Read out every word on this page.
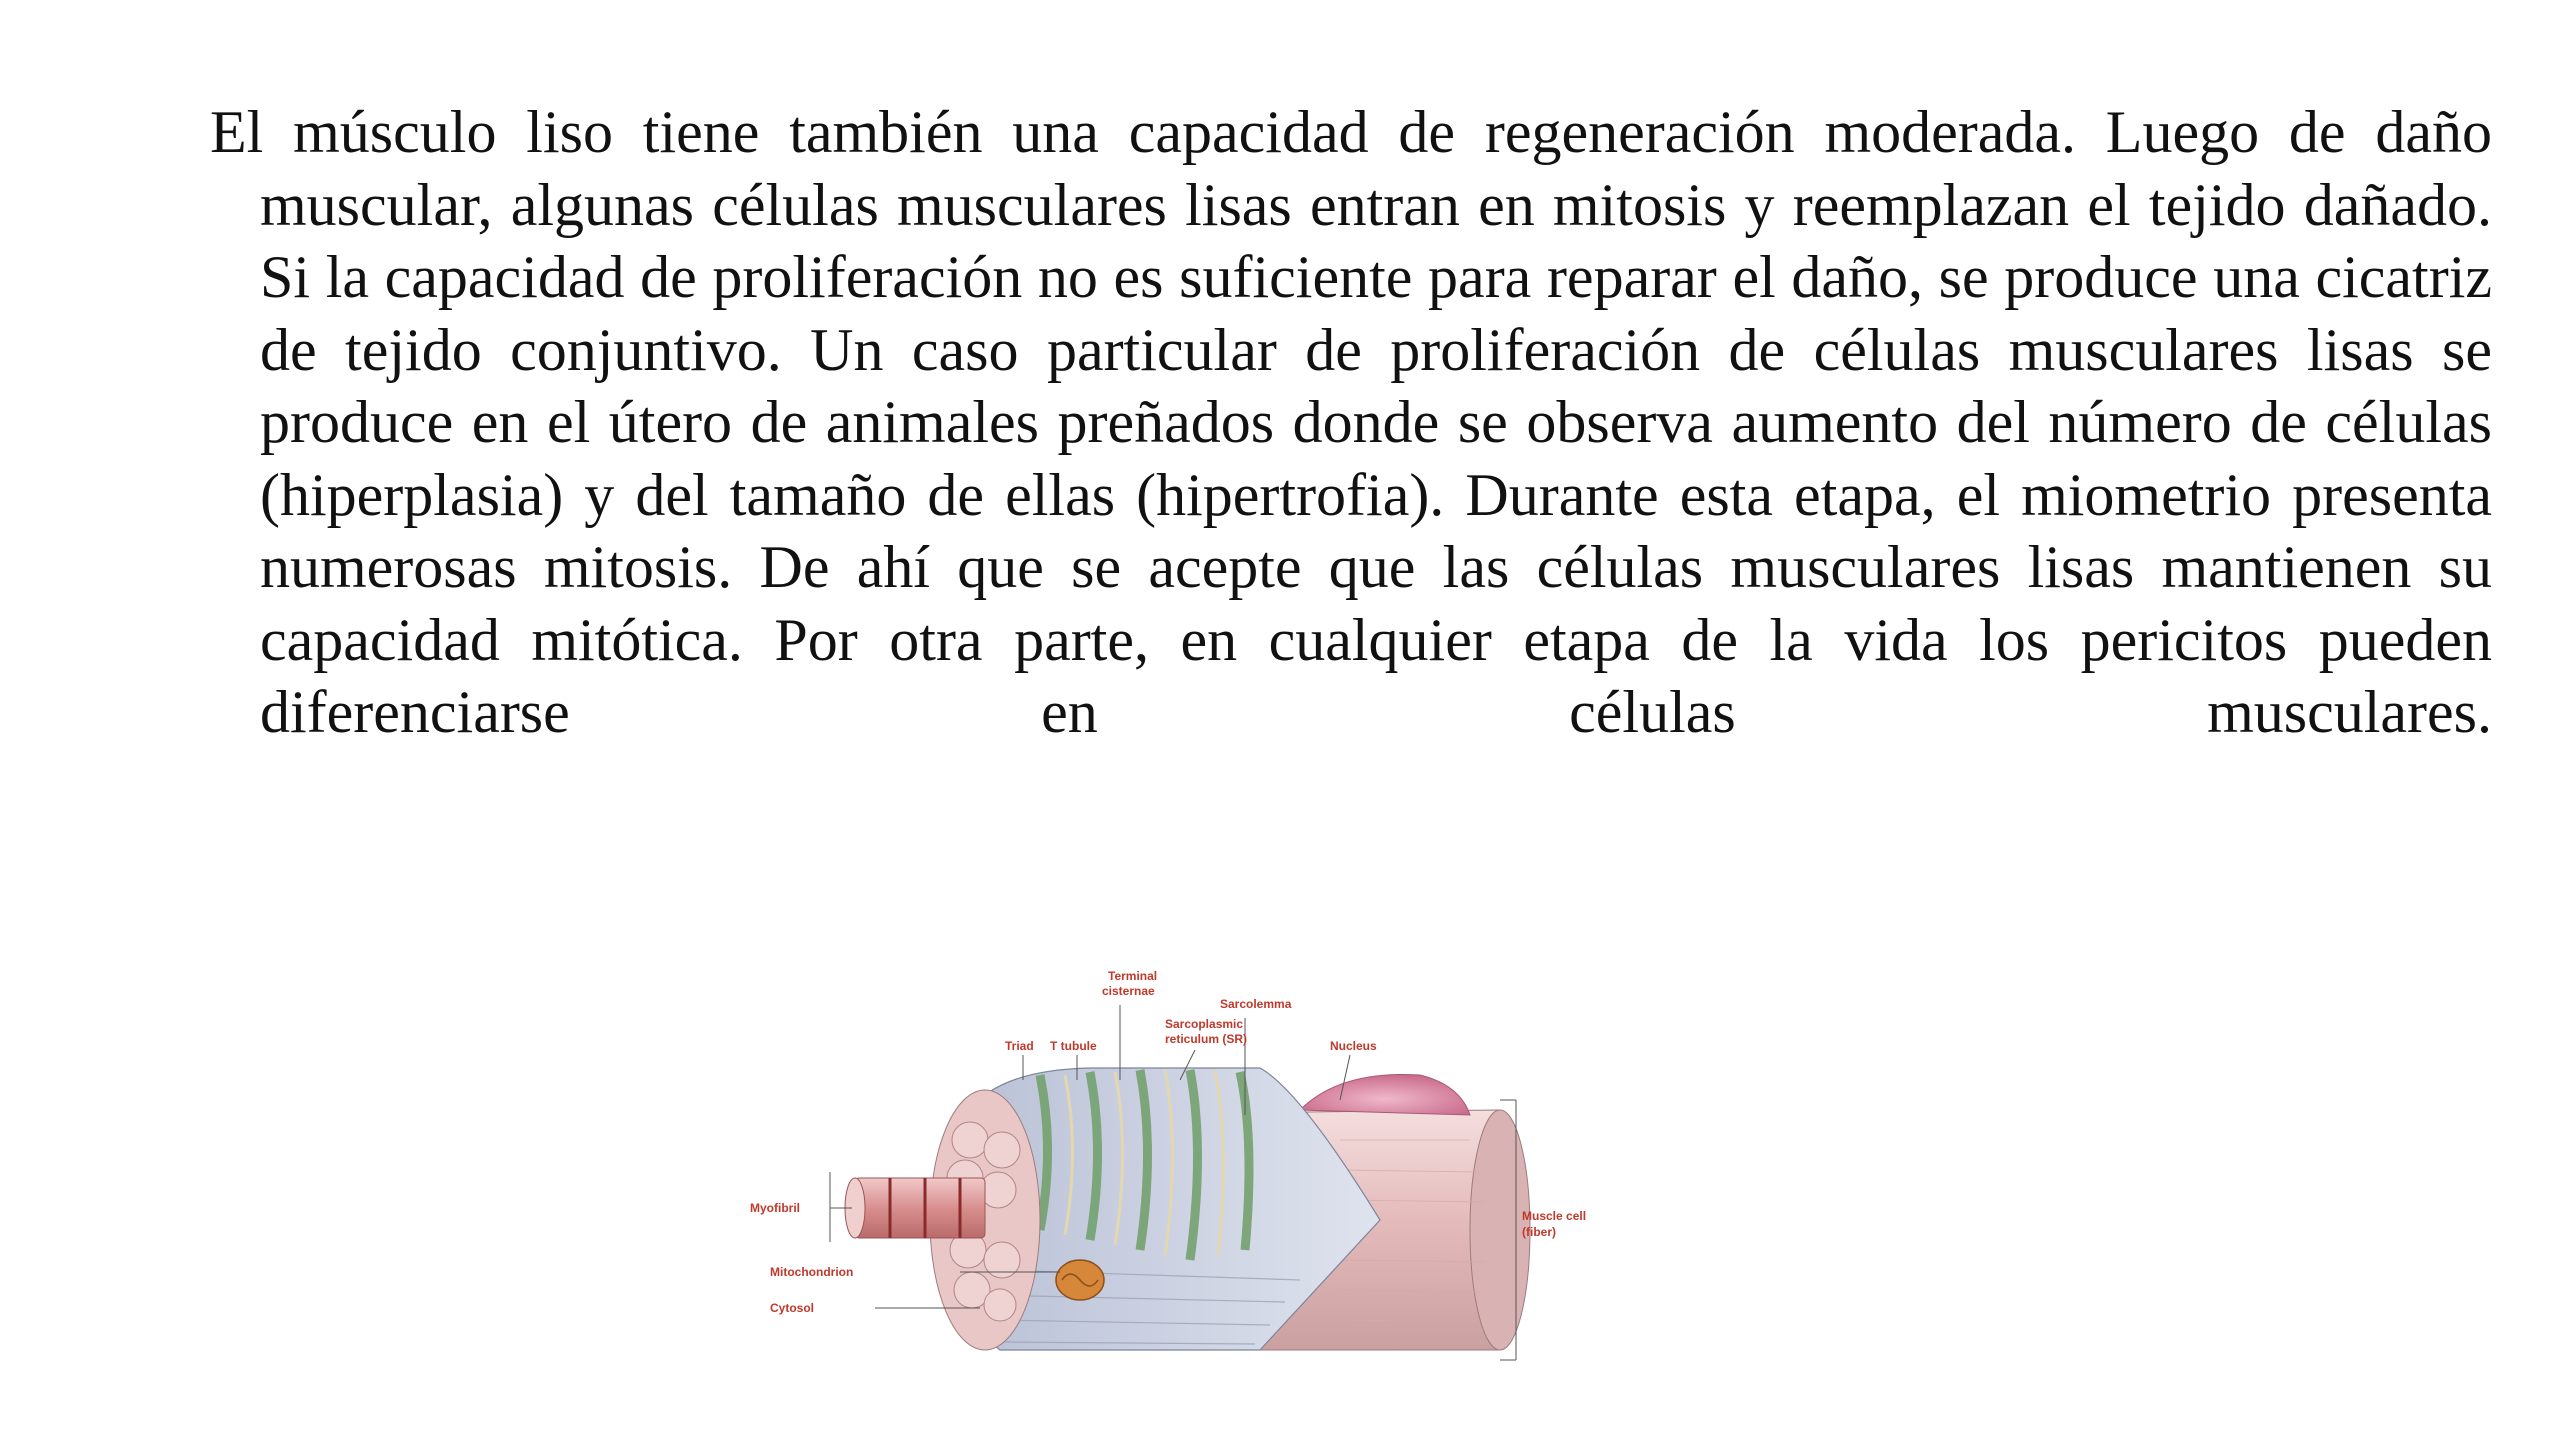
El músculo liso tiene también una capacidad de regeneración moderada. Luego de daño muscular, algunas células musculares lisas entran en mitosis y reemplazan el tejido dañado. Si la capacidad de proliferación no es suficiente para reparar el daño, se produce una cicatriz de tejido conjuntivo. Un caso particular de proliferación de células musculares lisas se produce en el útero de animales preñados donde se observa aumento del número de células (hiperplasia) y del tamaño de ellas (hipertrofia). Durante esta etapa, el miometrio presenta numerosas mitosis. De ahí que se acepte que las células musculares lisas mantienen su capacidad mitótica. Por otra parte, en cualquier etapa de la vida los pericitos pueden diferenciarse en células musculares.

Terminal
cisternae
Sarcolemma
Sarcoplasmic
reticulum (SR)
Triad T tubule	Nucleus
Myofibril
Mitochondrion
Cytosol
Muscle cell
(fiber)
